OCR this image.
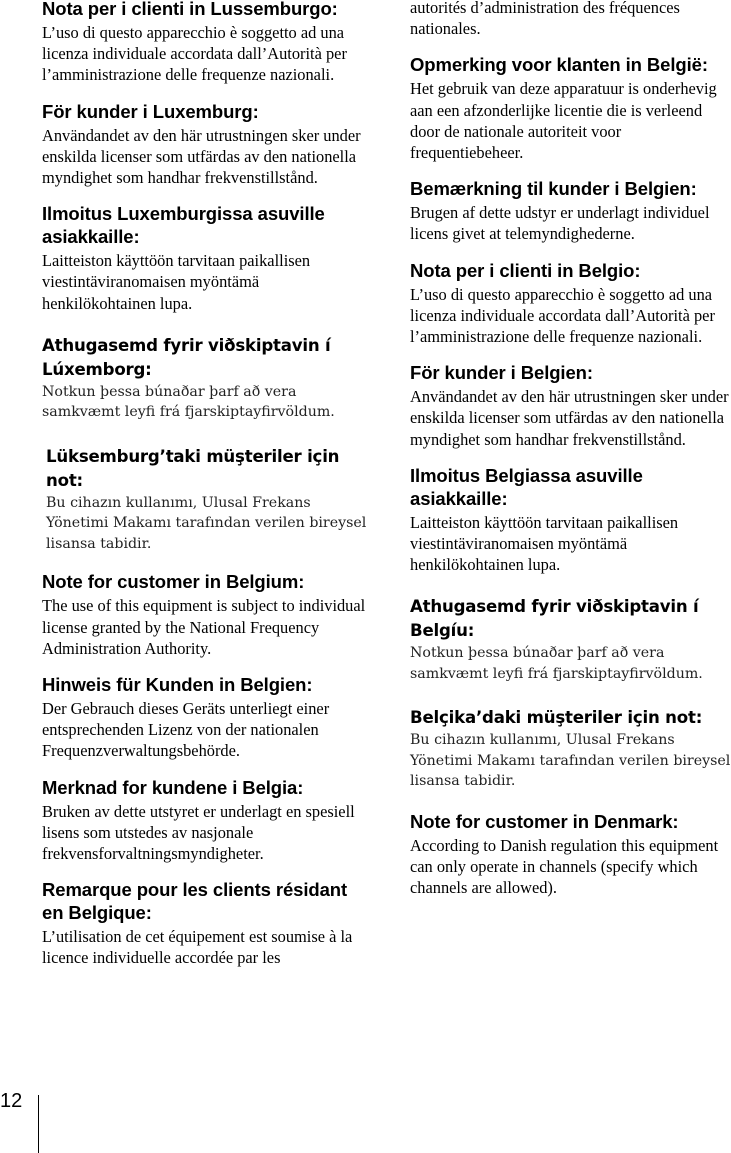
Nota per i clienti in Lussemburgo:
L’uso di questo apparecchio è soggetto ad una licenza individuale accordata dall’Autorità per l’amministrazione delle frequenze nazionali.
För kunder i Luxemburg:
Användandet av den här utrustningen sker under enskilda licenser som utfärdas av den nationella myndighet som handhar frekvenstillstånd.
Ilmoitus Luxemburgissa asuville asiakkaille:
Laitteiston käyttöön tarvitaan paikallisen viestintäviranomaisen myöntämä henkilökohtainen lupa.
Athugasemd fyrir viðskiptavin í Lúxemborg:
Notkun þessa búnaðar þarf að vera samkvæmt leyfi frá fjarskiptayfirvöldum.
Lüksemburg’taki müşteriler için not:
Bu cihazın kullanımı, Ulusal Frekans Yönetimi Makamı tarafından verilen bireysel lisansa tabidir.
Note for customer in Belgium:
The use of this equipment is subject to individual license granted by the National Frequency Administration Authority.
Hinweis für Kunden in Belgien:
Der Gebrauch dieses Geräts unterliegt einer entsprechenden Lizenz von der nationalen Frequenzverwaltungsbehörde.
Merknad for kundene i Belgia:
Bruken av dette utstyret er underlagt en spesiell lisens som utstedes av nasjonale frekvensforvaltningsmyndigheter.
Remarque pour les clients résidant en Belgique:
L’utilisation de cet équipement est soumise à la licence individuelle accordée par les
autorités d’administration des fréquences nationales.
Opmerking voor klanten in België:
Het gebruik van deze apparatuur is onderhevig aan een afzonderlijke licentie die is verleend door de nationale autoriteit voor frequentiebeheer.
Bemærkning til kunder i Belgien:
Brugen af dette udstyr er underlagt individuel licens givet at telemyndighederne.
Nota per i clienti in Belgio:
L’uso di questo apparecchio è soggetto ad una licenza individuale accordata dall’Autorità per l’amministrazione delle frequenze nazionali.
För kunder i Belgien:
Användandet av den här utrustningen sker under enskilda licenser som utfärdas av den nationella myndighet som handhar frekvenstillstånd.
Ilmoitus Belgiassa asuville asiakkaille:
Laitteiston käyttöön tarvitaan paikallisen viestintäviranomaisen myöntämä henkilökohtainen lupa.
Athugasemd fyrir viðskiptavin í Belgíu:
Notkun þessa búnaðar þarf að vera samkvæmt leyfi frá fjarskiptayfirvöldum.
Belçika’daki müşteriler için not:
Bu cihazın kullanımı, Ulusal Frekans Yönetimi Makamı tarafından verilen bireysel lisansa tabidir.
Note for customer in Denmark:
According to Danish regulation this equipment can only operate in channels (specify which channels are allowed).
12
